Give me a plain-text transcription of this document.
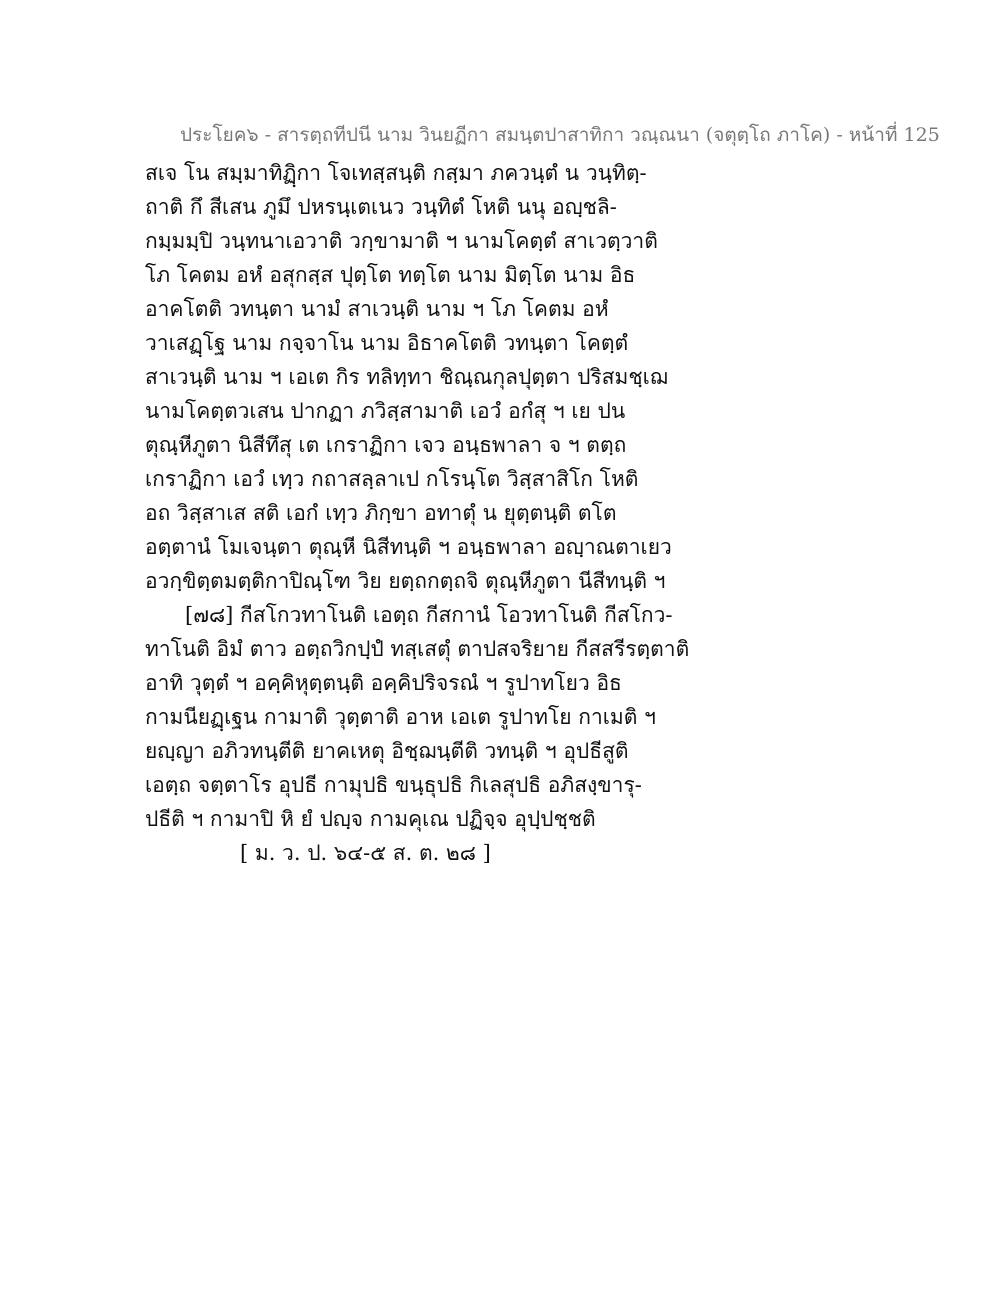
ประโยค๖ - สารตฺถทีปนี นาม วินยฏีกา สมนฺตปาสาทิกา วณฺณนา (จตุตฺโถ ภาโค) - หน้าที่ 125
สเจ โน สมฺมาทิฏฺิกา โจเทสฺสนฺติ กสฺมา ภควนฺตํ น วนฺทิตฺ-
ถาติ กึ สีเสน ภูมึ ปหรนฺเตเนว วนฺทิตํ โหติ นนุ อญฺชลิ-
กมฺมมฺปิ วนฺทนาเอวาติ วกฺขามาติ ฯ นามโคตฺตํ สาเวตฺวาติ
โภ โคตม อหํ อสุกสฺส ปุตฺโต ทตฺโต นาม มิตฺโต นาม อิธ
อาคโตติ วทนฺตา นามํ สาเวนฺติ นาม ฯ โภ โคตม อหํ
วาเสฏฺโฐ นาม กจฺจาโน นาม อิธาคโตติ วทนฺตา โคตฺตํ
สาเวนฺติ นาม ฯ เอเต กิร ทลิทฺทา ชิณฺณกุลปุตฺตา ปริสมชฺเฌ
นามโคตฺตวเสน ปากฏา ภวิสฺสามาติ เอวํ อกํสุ ฯ เย ปน
ตุณฺหีภูตา นิสีทึสุ เต เกราฏิกา เจว อนฺธพาลา จ ฯ ตตฺถ
เกราฏิกา เอวํ เทฺว กถาสลฺลาเป กโรนฺโต วิสฺสาสิโก โหติ
อถ วิสฺสาเส สติ เอกํ เทฺว ภิกฺขา อทาตุํ น ยุตฺตนฺติ ตโต
อตฺตานํ โมเจนฺตา ตุณฺหี นิสีทนฺติ ฯ อนฺธพาลา อญฺาณตาเยว
อวกฺขิตฺตมตฺติกาปิณฺโฑ วิย ยตฺถกตฺถจิ ตุณฺหีภูตา นีสีทนฺติ ฯ
[๗๘] กีสโกวทาโนติ เอตฺถ กีสกานํ โอวทาโนติ กีสโกว-
ทาโนติ อิมํ ตาว อตฺถวิกปฺปํ ทสฺเสตุํ ตาปสจริยาย กีสสรีรตฺตาติ
อาทิ วุตฺตํ ฯ อคฺคิหุตฺตนฺติ อคฺคิปริจรณํ ฯ รูปาทโยว อิธ
กามนียฏฺเฐน กามาติ วุตฺตาติ อาห เอเต รูปาทโย กาเมติ ฯ
ยญฺญา อภิวทนฺตีติ ยาคเหตุ อิชฺฌนฺตีติ วทนฺติ ฯ อุปธีสูติ
เอตฺถ จตฺตาโร อุปธี กามุปธิ ขนฺธุปธิ กิเลสุปธิ อภิสงฺขารุ-
ปธีติ ฯ กามาปิ หิ ยํ ปญฺจ กามคุเณ ปฏิจฺจ อุปฺปชฺชติ
[ ม. ว. ป. ๖๔-๕ ส. ต. ๒๘ ]
